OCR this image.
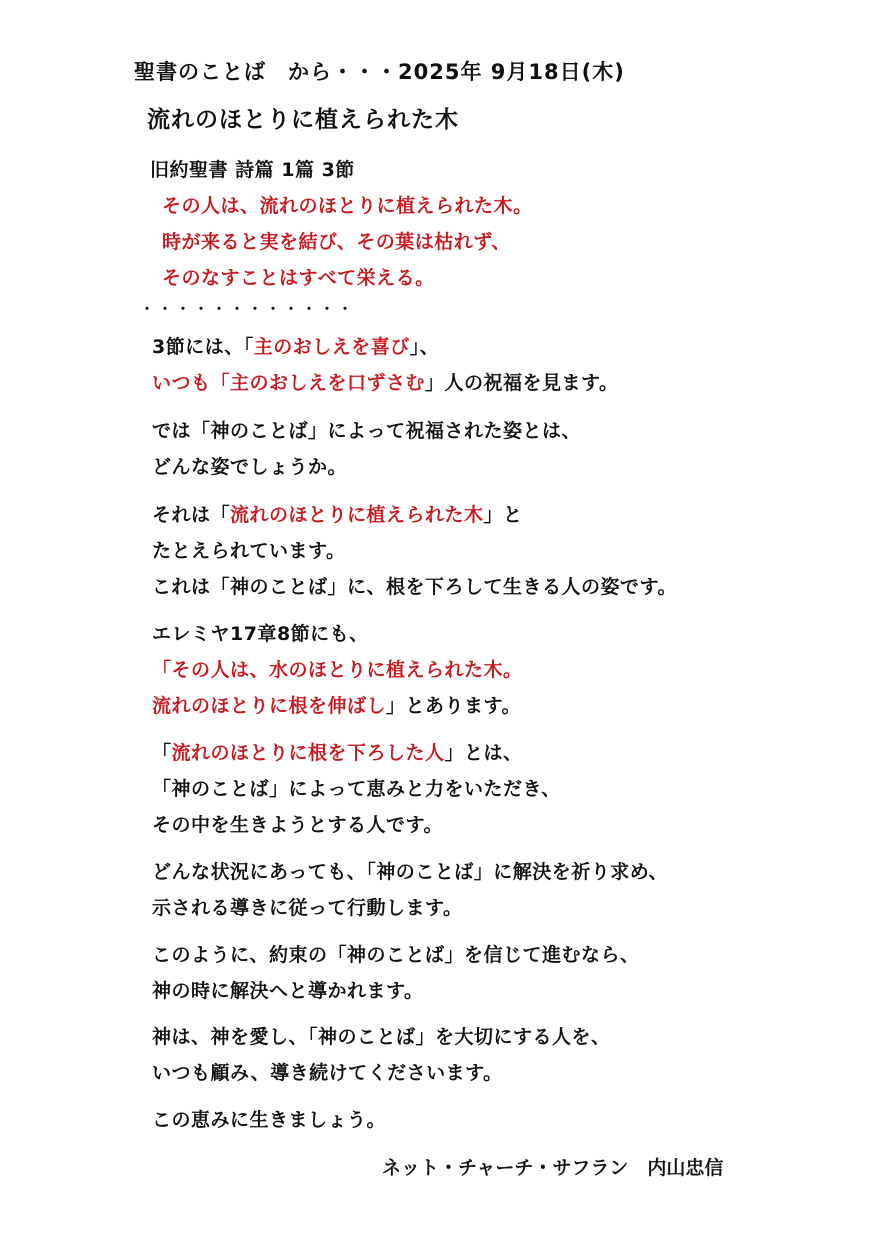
聖書のことば　から・・・2025年 9月18日(木)
流れのほとりに植えられた木
旧約聖書 詩篇 1篇 3節
その人は、流れのほとりに植えられた木。
時が来ると実を結び、その葉は枯れず、
そのなすことはすべて栄える。
・・・・・・・・・・・・
3節には、「主のおしえを喜び」、
いつも「主のおしえを口ずさむ」人の祝福を見ます。
では「神のことば」によって祝福された姿とは、
どんな姿でしょうか。
それは「流れのほとりに植えられた木」と
たとえられています。
これは「神のことば」に、根を下ろして生きる人の姿です。
エレミヤ17章8節にも、
「その人は、水のほとりに植えられた木。
流れのほとりに根を伸ばし」とあります。
「流れのほとりに根を下ろした人」とは、
「神のことば」によって恵みと力をいただき、
その中を生きようとする人です。
どんな状況にあっても、「神のことば」に解決を祈り求め、
示される導きに従って行動します。
このように、約束の「神のことば」を信じて進むなら、
神の時に解決へと導かれます。
神は、神を愛し、「神のことば」を大切にする人を、
いつも顧み、導き続けてくださいます。
この恵みに生きましょう。
ネット・チャーチ・サフラン　内山忠信
